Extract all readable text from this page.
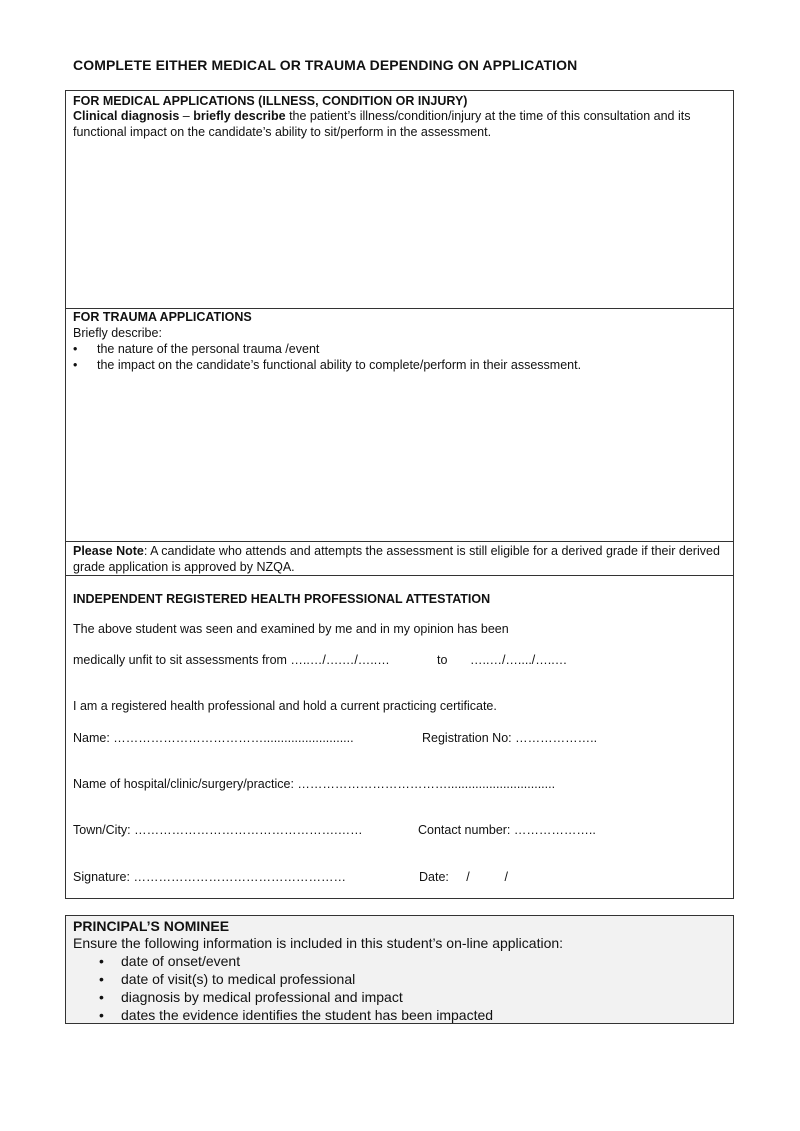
COMPLETE EITHER MEDICAL OR TRAUMA DEPENDING ON APPLICATION
FOR MEDICAL APPLICATIONS (ILLNESS, CONDITION OR INJURY)
Clinical diagnosis – briefly describe the patient’s illness/condition/injury at the time of this consultation and its functional impact on the candidate’s ability to sit/perform in the assessment.
FOR TRAUMA APPLICATIONS
Briefly describe:
• the nature of the personal trauma /event
• the impact on the candidate’s functional ability to complete/perform in their assessment.
Please Note: A candidate who attends and attempts the assessment is still eligible for a derived grade if their derived grade application is approved by NZQA.
INDEPENDENT REGISTERED HEALTH PROFESSIONAL ATTESTATION
The above student was seen and examined by me and in my opinion has been
medically unfit to sit assessments from …..…/….…/…..…	to …..…/…..../…..…
I am a registered health professional and hold a current practicing certificate.
Name: ………………………………..........................	Registration No: ………………..
Name of hospital/clinic/surgery/practice: ………………………………...............................
Town/City: ………………………………………….……	Contact number: ………………..
Signature: ……………………………………………	Date:     /          /
PRINCIPAL’S NOMINEE
Ensure the following information is included in this student’s on-line application:
• date of onset/event
• date of visit(s) to medical professional
• diagnosis by medical professional and impact
• dates the evidence identifies the student has been impacted
